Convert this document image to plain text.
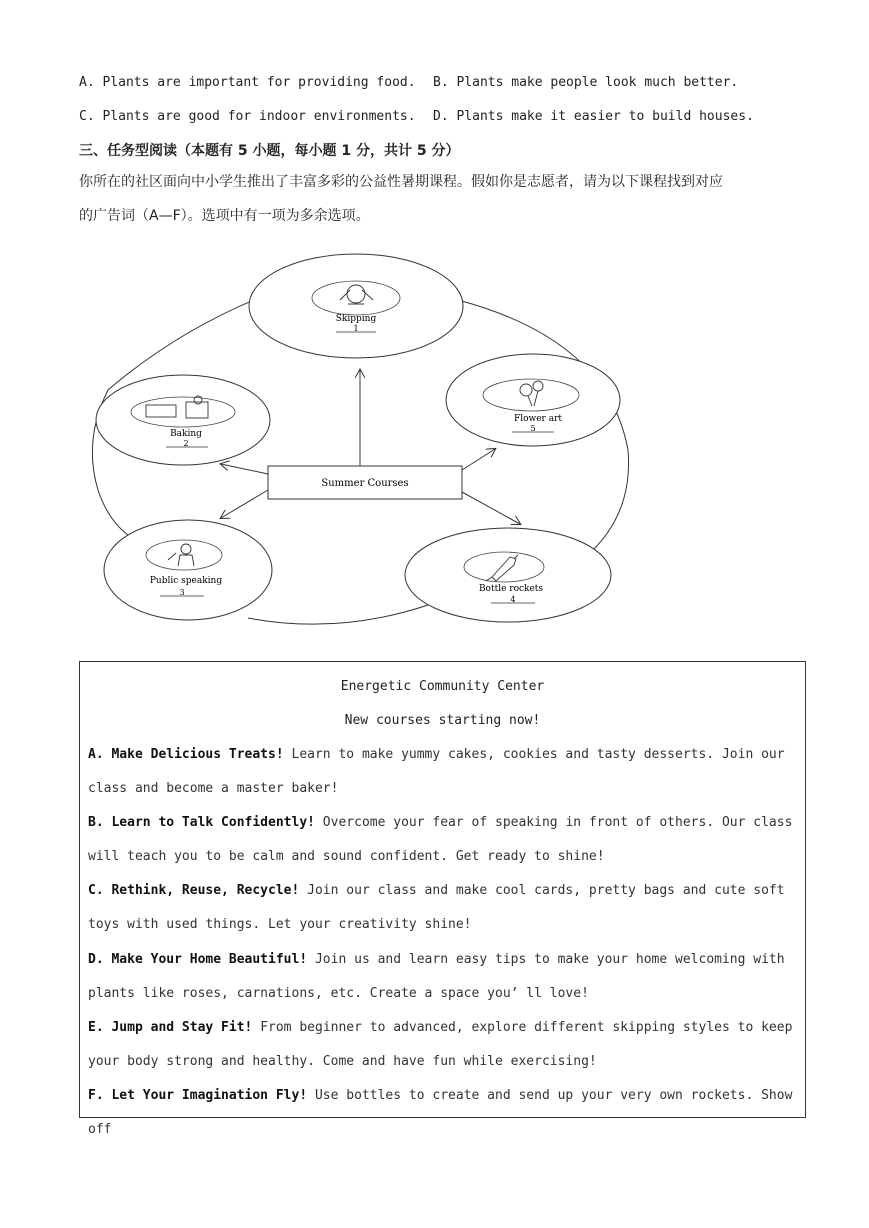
A. Plants are important for providing food. B. Plants make people look much better.
C. Plants are good for indoor environments. D. Plants make it easier to build houses.
三、任务型阅读（本题有 5 小题，每小题 1 分，共计 5 分）
你所在的社区面向中小学生推出了丰富多彩的公益性暑期课程。假如你是志愿者，请为以下课程找到对应
的广告词（A—F）。选项中有一项为多余选项。
Skipping
1
Baking
2
Flower art
5
Public speaking
3	Bottle rockets
4
Summer Courses
Energetic Community Center
New courses starting now!
A. Make Delicious Treats! Learn to make yummy cakes, cookies and tasty desserts. Join our class and become a master baker!
B. Learn to Talk Confidently! Overcome your fear of speaking in front of others. Our class will teach you to be calm and sound confident. Get ready to shine!
C. Rethink, Reuse, Recycle! Join our class and make cool cards, pretty bags and cute soft toys with used things. Let your creativity shine!
D. Make Your Home Beautiful! Join us and learn easy tips to make your home welcoming with plants like roses, carnations, etc. Create a space you’ ll love!
E. Jump and Stay Fit! From beginner to advanced, explore different skipping styles to keep your body strong and healthy. Come and have fun while exercising!
F. Let Your Imagination Fly! Use bottles to create and send up your very own rockets. Show off
